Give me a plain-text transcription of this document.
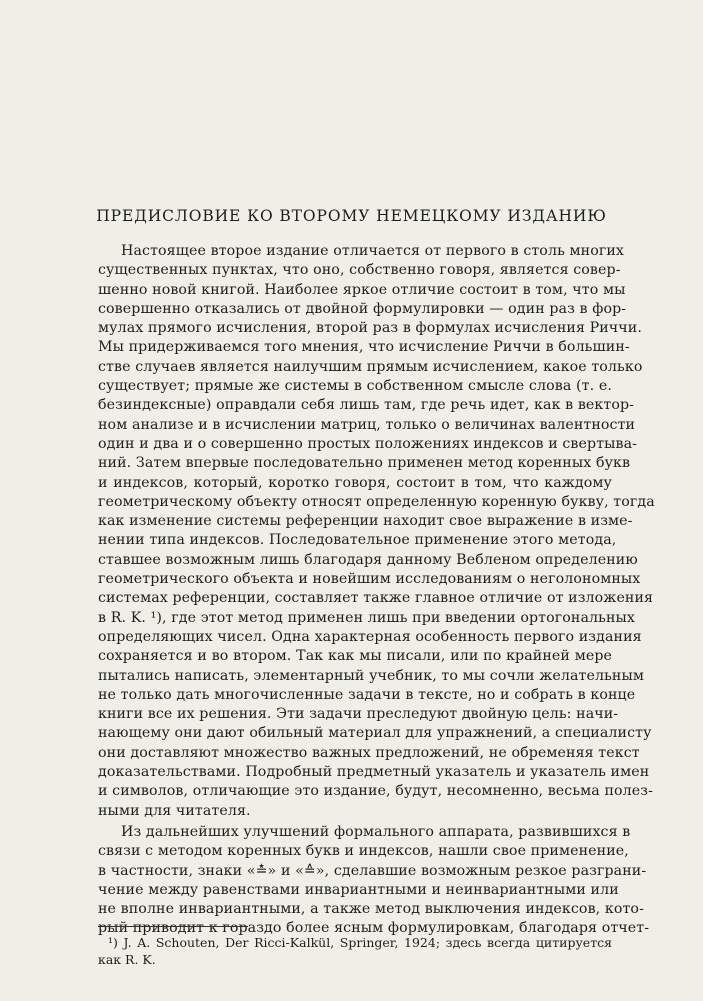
ПРЕДИСЛОВИЕ КО ВТОРОМУ НЕМЕЦКОМУ ИЗДАНИЮ
Настоящее второе издание отличается от первого в столь многих
существенных пунктах, что оно, собственно говоря, является совер-
шенно новой книгой. Наиболее яркое отличие состоит в том, что мы
совершенно отказались от двойной формулировки — один раз в фор-
мулах прямого исчисления, второй раз в формулах исчисления Риччи.
Мы придерживаемся того мнения, что исчисление Риччи в большин-
стве случаев является наилучшим прямым исчислением, какое только
существует; прямые же системы в собственном смысле слова (т. е.
безиндексные) оправдали себя лишь там, где речь идет, как в вектор-
ном анализе и в исчислении матриц, только о величинах валентности
один и два и о совершенно простых положениях индексов и свертыва-
ний. Затем впервые последовательно применен метод коренных букв
и индексов, который, коротко говоря, состоит в том, что каждому
геометрическому объекту относят определенную коренную букву, тогда
как изменение системы референции находит свое выражение в изме-
нении типа индексов. Последовательное применение этого метода,
ставшее возможным лишь благодаря данному Вебленом определению
геометрического объекта и новейшим исследованиям о неголономных
системах референции, составляет также главное отличие от изложения
в R. K. ¹), где этот метод применен лишь при введении ортогональных
определяющих чисел. Одна характерная особенность первого издания
сохраняется и во втором. Так как мы писали, или по крайней мере
пытались написать, элементарный учебник, то мы сочли желательным
не только дать многочисленные задачи в тексте, но и собрать в конце
книги все их решения. Эти задачи преследуют двойную цель: начи-
нающему они дают обильный материал для упражнений, а специалисту
они доставляют множество важных предложений, не обременяя текст
доказательствами. Подробный предметный указатель и указатель имен
и символов, отличающие это издание, будут, несомненно, весьма полез-
ными для читателя.
Из дальнейших улучшений формального аппарата, развившихся в
связи с методом коренных букв и индексов, нашли свое применение,
в частности, знаки «≛» и «≙», сделавшие возможным резкое разграни-
чение между равенствами инвариантными и неинвариантными или
не вполне инвариантными, а также метод выключения индексов, кото-
рый приводит к гораздо более ясным формулировкам, благодаря отчет-
¹) J. A. Schouten, Der Ricci-Kalkül, Springer, 1924; здесь всегда цитируется
как R. K.
